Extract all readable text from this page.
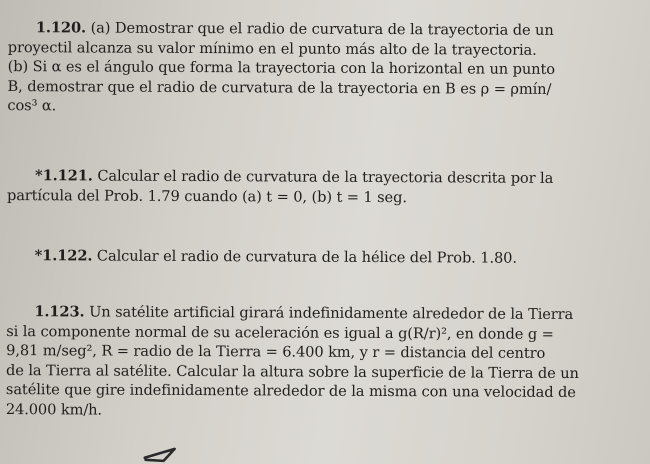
1.120. (a) Demostrar que el radio de curvatura de la trayectoria de un
proyectil alcanza su valor mínimo en el punto más alto de la trayectoria.
(b) Si α es el ángulo que forma la trayectoria con la horizontal en un punto
B, demostrar que el radio de curvatura de la trayectoria en B es ρ = ρmín/
cos³ α.
*1.121. Calcular el radio de curvatura de la trayectoria descrita por la
partícula del Prob. 1.79 cuando (a) t = 0, (b) t = 1 seg.
*1.122. Calcular el radio de curvatura de la hélice del Prob. 1.80.
1.123. Un satélite artificial girará indefinidamente alrededor de la Tierra
si la componente normal de su aceleración es igual a g(R/r)², en donde g =
9,81 m/seg², R = radio de la Tierra = 6.400 km, y r = distancia del centro
de la Tierra al satélite. Calcular la altura sobre la superficie de la Tierra de un
satélite que gire indefinidamente alrededor de la misma con una velocidad de
24.000 km/h.
